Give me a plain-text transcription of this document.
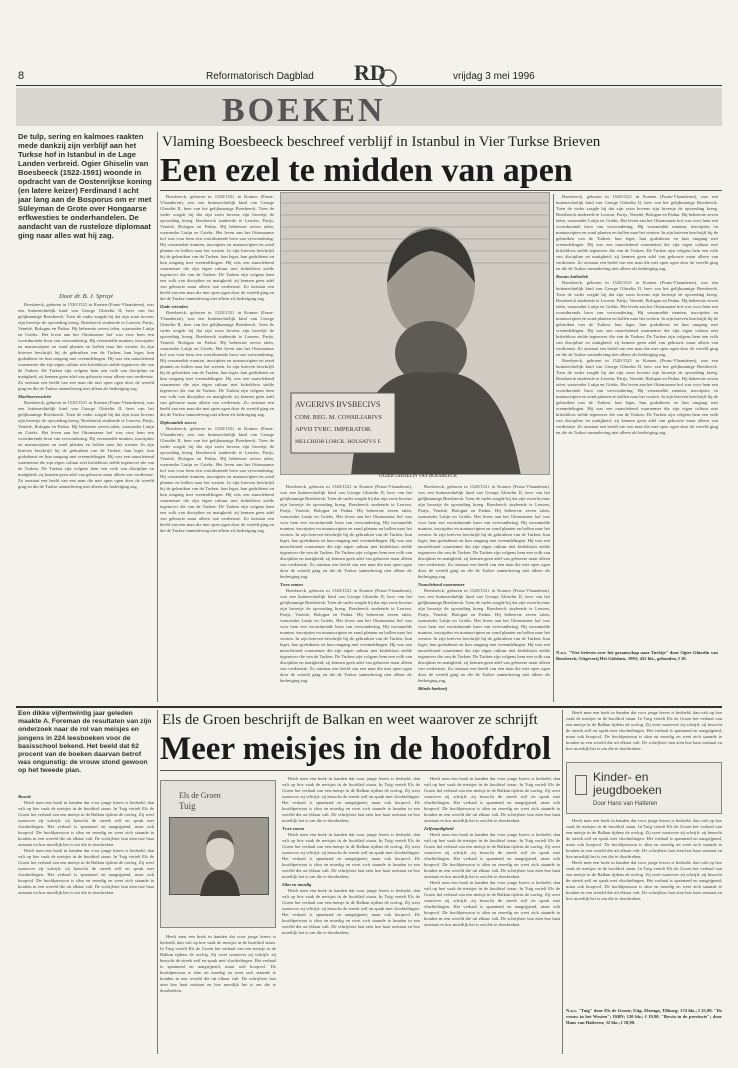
8	Reformatorisch Dagblad	vrijdag 3 mei 1996
RD
BOEKEN
De tulp, sering en kalmoes raakten mede dankzij zijn verblijf aan het Turkse hof in Istanbul in de Lage Landen verbreid. Ogier Ghiselin van Boesbeeck (1522-1591) woonde in opdracht van de Oostenrijkse koning (en latere keizer) Ferdinand I acht jaar lang aan de Bosporus om er met Süleyman de Grote over Hongaarse erfkwesties te onderhandelen. De aandacht van de rusteloze diplomaat ging naar alles wat hij zag.
Door dr. B. J. Spruyt
Vlaming Boesbeeck beschreef verblijf in Istanbul in Vier Turkse Brieven
Een ezel te midden van apen

Boesbeeck, geboren in 1520/1521 in Komen (Frans-Vlaanderen), was een buitenechtelijk kind van George Ghiselin II, heer van het gelijknamige Boesbeeck. Toen de vader zorgde hij dat zijn zoon bovens zijn broertje de opvoeding kreeg. Boesbeeck studeerde te Leuven, Parijs, Venetië, Bologna en Padua. Hij beheerste zeven talen, waaronder Latijn en Grieks. Het leven aan het Ottomaanse hof was voor hem een voortdurende bron van verwondering. Hij verzamelde munten, inscripties en manuscripten en zond planten en bollen naar het westen. In zijn brieven beschrijft hij de gebruiken van de Turken, hun leger, hun godsdienst en hun omgang met vreemdelingen. Hij was een nauwlettend waarnemer die zijn eigen cultuur niet kritiekloos stelde tegenover die van de Turken. De Turken zijn volgens hem een volk van discipline en matigheid; zij kennen geen adel van geboorte maar alleen van verdienste. Zo ontstaat een beeld van een man die met open ogen door de wereld ging en die de Turkse samenleving niet alleen als bedreiging zag.

Machtsevenwicht

Boesbeeck, geboren in 1520/1521 in Komen (Frans-Vlaanderen), was een buitenechtelijk kind van George Ghiselin II, heer van het gelijknamige Boesbeeck. Toen de vader zorgde hij dat zijn zoon bovens zijn broertje de opvoeding kreeg. Boesbeeck studeerde te Leuven, Parijs, Venetië, Bologna en Padua. Hij beheerste zeven talen, waaronder Latijn en Grieks. Het leven aan het Ottomaanse hof was voor hem een voortdurende bron van verwondering. Hij verzamelde munten, inscripties en manuscripten en zond planten en bollen naar het westen. In zijn brieven beschrijft hij de gebruiken van de Turken, hun leger, hun godsdienst en hun omgang met vreemdelingen. Hij was een nauwlettend waarnemer die zijn eigen cultuur niet kritiekloos stelde tegenover die van de Turken. De Turken zijn volgens hem een volk van discipline en matigheid; zij kennen geen adel van geboorte maar alleen van verdienste. Zo ontstaat een beeld van een man die met open ogen door de wereld ging en die de Turkse samenleving niet alleen als bedreiging zag.

Boesbeeck, geboren in 1520/1521 in Komen (Frans-Vlaanderen), was een buitenechtelijk kind van George Ghiselin II, heer van het gelijknamige Boesbeeck. Toen de vader zorgde hij dat zijn zoon bovens zijn broertje de opvoeding kreeg. Boesbeeck studeerde te Leuven, Parijs, Venetië, Bologna en Padua. Hij beheerste zeven talen, waaronder Latijn en Grieks. Het leven aan het Ottomaanse hof was voor hem een voortdurende bron van verwondering. Hij verzamelde munten, inscripties en manuscripten en zond planten en bollen naar het westen. In zijn brieven beschrijft hij de gebruiken van de Turken, hun leger, hun godsdienst en hun omgang met vreemdelingen. Hij was een nauwlettend waarnemer die zijn eigen cultuur niet kritiekloos stelde tegenover die van de Turken. De Turken zijn volgens hem een volk van discipline en matigheid; zij kennen geen adel van geboorte maar alleen van verdienste. Zo ontstaat een beeld van een man die met open ogen door de wereld ging en die de Turkse samenleving niet alleen als bedreiging zag.

Oude vrienden

Boesbeeck, geboren in 1520/1521 in Komen (Frans-Vlaanderen), was een buitenechtelijk kind van George Ghiselin II, heer van het gelijknamige Boesbeeck. Toen de vader zorgde hij dat zijn zoon bovens zijn broertje de opvoeding kreeg. Boesbeeck studeerde te Leuven, Parijs, Venetië, Bologna en Padua. Hij beheerste zeven talen, waaronder Latijn en Grieks. Het leven aan het Ottomaanse hof was voor hem een voortdurende bron van verwondering. Hij verzamelde munten, inscripties en manuscripten en zond planten en bollen naar het westen. In zijn brieven beschrijft hij de gebruiken van de Turken, hun leger, hun godsdienst en hun omgang met vreemdelingen. Hij was een nauwlettend waarnemer die zijn eigen cultuur niet kritiekloos stelde tegenover die van de Turken. De Turken zijn volgens hem een volk van discipline en matigheid; zij kennen geen adel van geboorte maar alleen van verdienste. Zo ontstaat een beeld van een man die met open ogen door de wereld ging en die de Turkse samenleving niet alleen als bedreiging zag.

Diplomatiek succes

Boesbeeck, geboren in 1520/1521 in Komen (Frans-Vlaanderen), was een buitenechtelijk kind van George Ghiselin II, heer van het gelijknamige Boesbeeck. Toen de vader zorgde hij dat zijn zoon bovens zijn broertje de opvoeding kreeg. Boesbeeck studeerde te Leuven, Parijs, Venetië, Bologna en Padua. Hij beheerste zeven talen, waaronder Latijn en Grieks. Het leven aan het Ottomaanse hof was voor hem een voortdurende bron van verwondering. Hij verzamelde munten, inscripties en manuscripten en zond planten en bollen naar het westen. In zijn brieven beschrijft hij de gebruiken van de Turken, hun leger, hun godsdienst en hun omgang met vreemdelingen. Hij was een nauwlettend waarnemer die zijn eigen cultuur niet kritiekloos stelde tegenover die van de Turken. De Turken zijn volgens hem een volk van discipline en matigheid; zij kennen geen adel van geboorte maar alleen van verdienste. Zo ontstaat een beeld van een man die met open ogen door de wereld ging en die de Turkse samenleving niet alleen als bedreiging zag.

AVGERIVS BVSBECIVS
COM. REG. M. CONSILIARIVS
APVD TVRC. IMPERATOR.
MELCHIOR LORCK. HOLSATVS F.
OGIER GHISELIN VAN BOESBEECK

Boesbeeck, geboren in 1520/1521 in Komen (Frans-Vlaanderen), was een buitenechtelijk kind van George Ghiselin II, heer van het gelijknamige Boesbeeck. Toen de vader zorgde hij dat zijn zoon bovens zijn broertje de opvoeding kreeg. Boesbeeck studeerde te Leuven, Parijs, Venetië, Bologna en Padua. Hij beheerste zeven talen, waaronder Latijn en Grieks. Het leven aan het Ottomaanse hof was voor hem een voortdurende bron van verwondering. Hij verzamelde munten, inscripties en manuscripten en zond planten en bollen naar het westen. In zijn brieven beschrijft hij de gebruiken van de Turken, hun leger, hun godsdienst en hun omgang met vreemdelingen. Hij was een nauwlettend waarnemer die zijn eigen cultuur niet kritiekloos stelde tegenover die van de Turken. De Turken zijn volgens hem een volk van discipline en matigheid; zij kennen geen adel van geboorte maar alleen van verdienste. Zo ontstaat een beeld van een man die met open ogen door de wereld ging en die de Turkse samenleving niet alleen als bedreiging zag.

Rooms-katholiek

Boesbeeck, geboren in 1520/1521 in Komen (Frans-Vlaanderen), was een buitenechtelijk kind van George Ghiselin II, heer van het gelijknamige Boesbeeck. Toen de vader zorgde hij dat zijn zoon bovens zijn broertje de opvoeding kreeg. Boesbeeck studeerde te Leuven, Parijs, Venetië, Bologna en Padua. Hij beheerste zeven talen, waaronder Latijn en Grieks. Het leven aan het Ottomaanse hof was voor hem een voortdurende bron van verwondering. Hij verzamelde munten, inscripties en manuscripten en zond planten en bollen naar het westen. In zijn brieven beschrijft hij de gebruiken van de Turken, hun leger, hun godsdienst en hun omgang met vreemdelingen. Hij was een nauwlettend waarnemer die zijn eigen cultuur niet kritiekloos stelde tegenover die van de Turken. De Turken zijn volgens hem een volk van discipline en matigheid; zij kennen geen adel van geboorte maar alleen van verdienste. Zo ontstaat een beeld van een man die met open ogen door de wereld ging en die de Turkse samenleving niet alleen als bedreiging zag.

Boesbeeck, geboren in 1520/1521 in Komen (Frans-Vlaanderen), was een buitenechtelijk kind van George Ghiselin II, heer van het gelijknamige Boesbeeck. Toen de vader zorgde hij dat zijn zoon bovens zijn broertje de opvoeding kreeg. Boesbeeck studeerde te Leuven, Parijs, Venetië, Bologna en Padua. Hij beheerste zeven talen, waaronder Latijn en Grieks. Het leven aan het Ottomaanse hof was voor hem een voortdurende bron van verwondering. Hij verzamelde munten, inscripties en manuscripten en zond planten en bollen naar het westen. In zijn brieven beschrijft hij de gebruiken van de Turken, hun leger, hun godsdienst en hun omgang met vreemdelingen. Hij was een nauwlettend waarnemer die zijn eigen cultuur niet kritiekloos stelde tegenover die van de Turken. De Turken zijn volgens hem een volk van discipline en matigheid; zij kennen geen adel van geboorte maar alleen van verdienste. Zo ontstaat een beeld van een man die met open ogen door de wereld ging en die de Turkse samenleving niet alleen als bedreiging zag.

Boesbeeck, geboren in 1520/1521 in Komen (Frans-Vlaanderen), was een buitenechtelijk kind van George Ghiselin II, heer van het gelijknamige Boesbeeck. Toen de vader zorgde hij dat zijn zoon bovens zijn broertje de opvoeding kreeg. Boesbeeck studeerde te Leuven, Parijs, Venetië, Bologna en Padua. Hij beheerste zeven talen, waaronder Latijn en Grieks. Het leven aan het Ottomaanse hof was voor hem een voortdurende bron van verwondering. Hij verzamelde munten, inscripties en manuscripten en zond planten en bollen naar het westen. In zijn brieven beschrijft hij de gebruiken van de Turken, hun leger, hun godsdienst en hun omgang met vreemdelingen. Hij was een nauwlettend waarnemer die zijn eigen cultuur niet kritiekloos stelde tegenover die van de Turken. De Turken zijn volgens hem een volk van discipline en matigheid; zij kennen geen adel van geboorte maar alleen van verdienste. Zo ontstaat een beeld van een man die met open ogen door de wereld ging en die de Turkse samenleving niet alleen als bedreiging zag.

Twee ezmen

Boesbeeck, geboren in 1520/1521 in Komen (Frans-Vlaanderen), was een buitenechtelijk kind van George Ghiselin II, heer van het gelijknamige Boesbeeck. Toen de vader zorgde hij dat zijn zoon bovens zijn broertje de opvoeding kreeg. Boesbeeck studeerde te Leuven, Parijs, Venetië, Bologna en Padua. Hij beheerste zeven talen, waaronder Latijn en Grieks. Het leven aan het Ottomaanse hof was voor hem een voortdurende bron van verwondering. Hij verzamelde munten, inscripties en manuscripten en zond planten en bollen naar het westen. In zijn brieven beschrijft hij de gebruiken van de Turken, hun leger, hun godsdienst en hun omgang met vreemdelingen. Hij was een nauwlettend waarnemer die zijn eigen cultuur niet kritiekloos stelde tegenover die van de Turken. De Turken zijn volgens hem een volk van discipline en matigheid; zij kennen geen adel van geboorte maar alleen van verdienste. Zo ontstaat een beeld van een man die met open ogen door de wereld ging en die de Turkse samenleving niet alleen als bedreiging zag.

Boesbeeck, geboren in 1520/1521 in Komen (Frans-Vlaanderen), was een buitenechtelijk kind van George Ghiselin II, heer van het gelijknamige Boesbeeck. Toen de vader zorgde hij dat zijn zoon bovens zijn broertje de opvoeding kreeg. Boesbeeck studeerde te Leuven, Parijs, Venetië, Bologna en Padua. Hij beheerste zeven talen, waaronder Latijn en Grieks. Het leven aan het Ottomaanse hof was voor hem een voortdurende bron van verwondering. Hij verzamelde munten, inscripties en manuscripten en zond planten en bollen naar het westen. In zijn brieven beschrijft hij de gebruiken van de Turken, hun leger, hun godsdienst en hun omgang met vreemdelingen. Hij was een nauwlettend waarnemer die zijn eigen cultuur niet kritiekloos stelde tegenover die van de Turken. De Turken zijn volgens hem een volk van discipline en matigheid; zij kennen geen adel van geboorte maar alleen van verdienste. Zo ontstaat een beeld van een man die met open ogen door de wereld ging en die de Turkse samenleving niet alleen als bedreiging zag.

Nauwlettend waarnemer

Boesbeeck, geboren in 1520/1521 in Komen (Frans-Vlaanderen), was een buitenechtelijk kind van George Ghiselin II, heer van het gelijknamige Boesbeeck. Toen de vader zorgde hij dat zijn zoon bovens zijn broertje de opvoeding kreeg. Boesbeeck studeerde te Leuven, Parijs, Venetië, Bologna en Padua. Hij beheerste zeven talen, waaronder Latijn en Grieks. Het leven aan het Ottomaanse hof was voor hem een voortdurende bron van verwondering. Hij verzamelde munten, inscripties en manuscripten en zond planten en bollen naar het westen. In zijn brieven beschrijft hij de gebruiken van de Turken, hun leger, hun godsdienst en hun omgang met vreemdelingen. Hij was een nauwlettend waarnemer die zijn eigen cultuur niet kritiekloos stelde tegenover die van de Turken. De Turken zijn volgens hem een volk van discipline en matigheid; zij kennen geen adel van geboorte maar alleen van verdienste. Zo ontstaat een beeld van een man die met open ogen door de wereld ging en die de Turkse samenleving niet alleen als bedreiging zag.

Blinde barbarij

N.a.v. "Vier brieven over het gezantschap naar Turkije" door Ogier Ghiselin van Boesbeeck; Uitgeverij Het Gidshuis, 1995; 432 blz., gebonden, f 39.
Een dikke vijfentwintig jaar geleden maakte A. Foreman de resultaten van zijn onderzoek naar de rol van meisjes en jongens in 224 leesboeken voor de basisschool bekend. Het beeld dat 62 procent van de boeken daarvan betrof was ongunstig: de vrouw stond gewoon op het tweede plan.

Bosnië

Heeft men een boek in handen dat voor jonge lezers is bedoeld, dan valt op hoe vaak de meisjes in de hoofdrol staan. In Tuig vertelt Els de Groen het verhaal van een meisje in de Balkan tijdens de oorlog. Zij weet waarover zij schrijft: zij bezocht de streek zelf en sprak met vluchtelingen. Het verhaal is spannend en aangrijpend, maar ook hoopvol. De hoofdpersoon is slim en moedig en weet zich staande te houden in een wereld die uit elkaar valt. De schrijfster laat zien hoe haat ontstaat en hoe moeilijk het is om die te doorbreken.

Heeft men een boek in handen dat voor jonge lezers is bedoeld, dan valt op hoe vaak de meisjes in de hoofdrol staan. In Tuig vertelt Els de Groen het verhaal van een meisje in de Balkan tijdens de oorlog. Zij weet waarover zij schrijft: zij bezocht de streek zelf en sprak met vluchtelingen. Het verhaal is spannend en aangrijpend, maar ook hoopvol. De hoofdpersoon is slim en moedig en weet zich staande te houden in een wereld die uit elkaar valt. De schrijfster laat zien hoe haat ontstaat en hoe moeilijk het is om die te doorbreken.

Els de Groen beschrijft de Balkan en weet waarover ze schrijft
Meer meisjes in de hoofdrol
Els de Groen
Tuig

Heeft men een boek in handen dat voor jonge lezers is bedoeld, dan valt op hoe vaak de meisjes in de hoofdrol staan. In Tuig vertelt Els de Groen het verhaal van een meisje in de Balkan tijdens de oorlog. Zij weet waarover zij schrijft: zij bezocht de streek zelf en sprak met vluchtelingen. Het verhaal is spannend en aangrijpend, maar ook hoopvol. De hoofdpersoon is slim en moedig en weet zich staande te houden in een wereld die uit elkaar valt. De schrijfster laat zien hoe haat ontstaat en hoe moeilijk het is om die te doorbreken.

Heeft men een boek in handen dat voor jonge lezers is bedoeld, dan valt op hoe vaak de meisjes in de hoofdrol staan. In Tuig vertelt Els de Groen het verhaal van een meisje in de Balkan tijdens de oorlog. Zij weet waarover zij schrijft: zij bezocht de streek zelf en sprak met vluchtelingen. Het verhaal is spannend en aangrijpend, maar ook hoopvol. De hoofdpersoon is slim en moedig en weet zich staande te houden in een wereld die uit elkaar valt. De schrijfster laat zien hoe haat ontstaat en hoe moeilijk het is om die te doorbreken.

Twee zonen

Heeft men een boek in handen dat voor jonge lezers is bedoeld, dan valt op hoe vaak de meisjes in de hoofdrol staan. In Tuig vertelt Els de Groen het verhaal van een meisje in de Balkan tijdens de oorlog. Zij weet waarover zij schrijft: zij bezocht de streek zelf en sprak met vluchtelingen. Het verhaal is spannend en aangrijpend, maar ook hoopvol. De hoofdpersoon is slim en moedig en weet zich staande te houden in een wereld die uit elkaar valt. De schrijfster laat zien hoe haat ontstaat en hoe moeilijk het is om die te doorbreken.

Slim en moedig

Heeft men een boek in handen dat voor jonge lezers is bedoeld, dan valt op hoe vaak de meisjes in de hoofdrol staan. In Tuig vertelt Els de Groen het verhaal van een meisje in de Balkan tijdens de oorlog. Zij weet waarover zij schrijft: zij bezocht de streek zelf en sprak met vluchtelingen. Het verhaal is spannend en aangrijpend, maar ook hoopvol. De hoofdpersoon is slim en moedig en weet zich staande te houden in een wereld die uit elkaar valt. De schrijfster laat zien hoe haat ontstaat en hoe moeilijk het is om die te doorbreken.

Heeft men een boek in handen dat voor jonge lezers is bedoeld, dan valt op hoe vaak de meisjes in de hoofdrol staan. In Tuig vertelt Els de Groen het verhaal van een meisje in de Balkan tijdens de oorlog. Zij weet waarover zij schrijft: zij bezocht de streek zelf en sprak met vluchtelingen. Het verhaal is spannend en aangrijpend, maar ook hoopvol. De hoofdpersoon is slim en moedig en weet zich staande te houden in een wereld die uit elkaar valt. De schrijfster laat zien hoe haat ontstaat en hoe moeilijk het is om die te doorbreken.

Zelfstandigheid

Heeft men een boek in handen dat voor jonge lezers is bedoeld, dan valt op hoe vaak de meisjes in de hoofdrol staan. In Tuig vertelt Els de Groen het verhaal van een meisje in de Balkan tijdens de oorlog. Zij weet waarover zij schrijft: zij bezocht de streek zelf en sprak met vluchtelingen. Het verhaal is spannend en aangrijpend, maar ook hoopvol. De hoofdpersoon is slim en moedig en weet zich staande te houden in een wereld die uit elkaar valt. De schrijfster laat zien hoe haat ontstaat en hoe moeilijk het is om die te doorbreken.

Heeft men een boek in handen dat voor jonge lezers is bedoeld, dan valt op hoe vaak de meisjes in de hoofdrol staan. In Tuig vertelt Els de Groen het verhaal van een meisje in de Balkan tijdens de oorlog. Zij weet waarover zij schrijft: zij bezocht de streek zelf en sprak met vluchtelingen. Het verhaal is spannend en aangrijpend, maar ook hoopvol. De hoofdpersoon is slim en moedig en weet zich staande te houden in een wereld die uit elkaar valt. De schrijfster laat zien hoe haat ontstaat en hoe moeilijk het is om die te doorbreken.

Kinder- en
jeugdboeken
Door Hans van Halteren

Heeft men een boek in handen dat voor jonge lezers is bedoeld, dan valt op hoe vaak de meisjes in de hoofdrol staan. In Tuig vertelt Els de Groen het verhaal van een meisje in de Balkan tijdens de oorlog. Zij weet waarover zij schrijft: zij bezocht de streek zelf en sprak met vluchtelingen. Het verhaal is spannend en aangrijpend, maar ook hoopvol. De hoofdpersoon is slim en moedig en weet zich staande te houden in een wereld die uit elkaar valt. De schrijfster laat zien hoe haat ontstaat en hoe moeilijk het is om die te doorbreken.

Heeft men een boek in handen dat voor jonge lezers is bedoeld, dan valt op hoe vaak de meisjes in de hoofdrol staan. In Tuig vertelt Els de Groen het verhaal van een meisje in de Balkan tijdens de oorlog. Zij weet waarover zij schrijft: zij bezocht de streek zelf en sprak met vluchtelingen. Het verhaal is spannend en aangrijpend, maar ook hoopvol. De hoofdpersoon is slim en moedig en weet zich staande te houden in een wereld die uit elkaar valt. De schrijfster laat zien hoe haat ontstaat en hoe moeilijk het is om die te doorbreken.

Heeft men een boek in handen dat voor jonge lezers is bedoeld, dan valt op hoe vaak de meisjes in de hoofdrol staan. In Tuig vertelt Els de Groen het verhaal van een meisje in de Balkan tijdens de oorlog. Zij weet waarover zij schrijft: zij bezocht de streek zelf en sprak met vluchtelingen. Het verhaal is spannend en aangrijpend, maar ook hoopvol. De hoofdpersoon is slim en moedig en weet zich staande te houden in een wereld die uit elkaar valt. De schrijfster laat zien hoe haat ontstaat en hoe moeilijk het is om die te doorbreken.

N.a.v. "Tuig" door Els de Groen; Uitg. Elzenga, Tilburg; 174 blz.; f 25,90. "De vrouw in het Westen"; ISBN; 120 blz.; f 19,90. "Bewia in de provincie"; door Hans van Halteren; 32 blz.; f 18,90.
